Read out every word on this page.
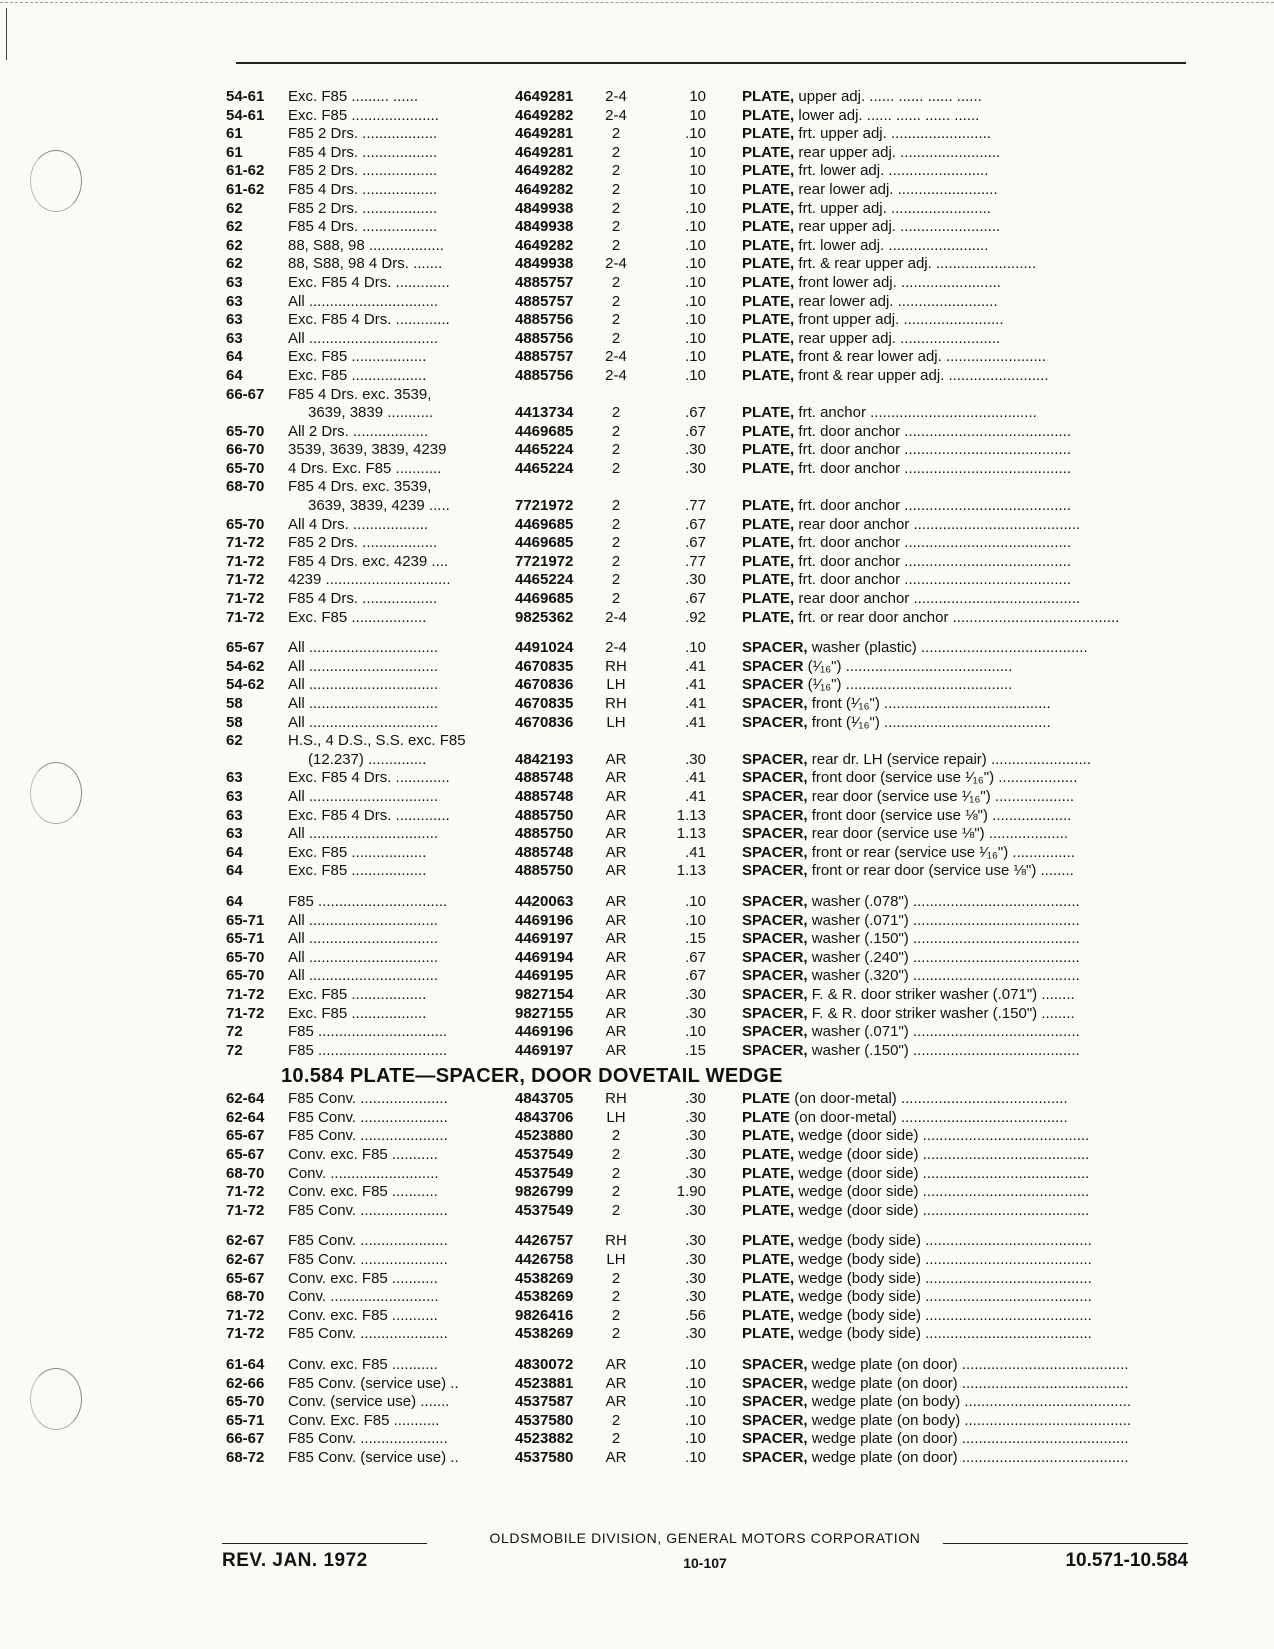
54-61	Exc. F85 ......... ......	4649281	2-4	10 PLATE, upper adj. ...... ...... ...... ......
54-61	Exc. F85 .....................	4649282	2-4	10 PLATE, lower adj. ...... ...... ...... ......
61	F85 2 Drs. ..................	4649281	2	.10 PLATE, frt. upper adj. ........................
61	F85 4 Drs. ..................	4649281	2	10 PLATE, rear upper adj. ........................
61-62	F85 2 Drs. ..................	4649282	2	10 PLATE, frt. lower adj. ........................
61-62	F85 4 Drs. ..................	4649282	2	10 PLATE, rear lower adj. ........................
62	F85 2 Drs. ..................	4849938	2	.10 PLATE, frt. upper adj. ........................
62	F85 4 Drs. ..................	4849938	2	.10 PLATE, rear upper adj. ........................
62	88, S88, 98 ..................	4649282	2	.10 PLATE, frt. lower adj. ........................
62	88, S88, 98 4 Drs. .......	4849938	2-4	.10 PLATE, frt. & rear upper adj. ........................
63	Exc. F85 4 Drs. .............	4885757	2	.10 PLATE, front lower adj. ........................
63	All ...............................	4885757	2	.10 PLATE, rear lower adj. ........................
63	Exc. F85 4 Drs. .............	4885756	2	.10 PLATE, front upper adj. ........................
63	All ...............................	4885756	2	.10 PLATE, rear upper adj. ........................
64	Exc. F85 ..................	4885757	2-4	.10 PLATE, front & rear lower adj. ........................
64	Exc. F85 ..................	4885756	2-4	.10 PLATE, front & rear upper adj. ........................
66-67	F85 4 Drs. exc. 3539,
3639, 3839 ...........	4413734	2	.67 PLATE, frt. anchor ........................................
65-70	All 2 Drs. ..................	4469685	2	.67 PLATE, frt. door anchor ........................................
66-70	3539, 3639, 3839, 4239	4465224	2	.30 PLATE, frt. door anchor ........................................
65-70	4 Drs. Exc. F85 ...........	4465224	2	.30 PLATE, frt. door anchor ........................................
68-70	F85 4 Drs. exc. 3539,
3639, 3839, 4239 .....	7721972	2	.77 PLATE, frt. door anchor ........................................
65-70	All 4 Drs. ..................	4469685	2	.67 PLATE, rear door anchor ........................................
71-72	F85 2 Drs. ..................	4469685	2	.67 PLATE, frt. door anchor ........................................
71-72	F85 4 Drs. exc. 4239 ....	7721972	2	.77 PLATE, frt. door anchor ........................................
71-72	4239 ..............................	4465224	2	.30 PLATE, frt. door anchor ........................................
71-72	F85 4 Drs. ..................	4469685	2	.67 PLATE, rear door anchor ........................................
71-72	Exc. F85 ..................	9825362	2-4	.92 PLATE, frt. or rear door anchor ........................................
65-67	All ...............................	4491024	2-4	.10 SPACER, washer (plastic) ........................................
54-62	All ...............................	4670835	RH	.41 SPACER (¹⁄₁₆") ........................................
54-62	All ...............................	4670836	LH	.41 SPACER (¹⁄₁₆") ........................................
58	All ...............................	4670835	RH	.41 SPACER, front (¹⁄₁₆") ........................................
58	All ...............................	4670836	LH	.41 SPACER, front (¹⁄₁₆") ........................................
62	H.S., 4 D.S., S.S. exc. F85
(12.237) ..............	4842193	AR	.30 SPACER, rear dr. LH (service repair) ........................
63	Exc. F85 4 Drs. .............	4885748	AR	.41 SPACER, front door (service use ¹⁄₁₆") ...................
63	All ...............................	4885748	AR	.41 SPACER, rear door (service use ¹⁄₁₆") ...................
63	Exc. F85 4 Drs. .............	4885750	AR	1.13 SPACER, front door (service use ⅛") ...................
63	All ...............................	4885750	AR	1.13 SPACER, rear door (service use ⅛") ...................
64	Exc. F85 ..................	4885748	AR	.41 SPACER, front or rear (service use ¹⁄₁₆") ...............
64	Exc. F85 ..................	4885750	AR	1.13 SPACER, front or rear door (service use ⅛") ........
64	F85 ...............................	4420063	AR	.10 SPACER, washer (.078") ........................................
65-71	All ...............................	4469196	AR	.10 SPACER, washer (.071") ........................................
65-71	All ...............................	4469197	AR	.15 SPACER, washer (.150") ........................................
65-70	All ...............................	4469194	AR	.67 SPACER, washer (.240") ........................................
65-70	All ...............................	4469195	AR	.67 SPACER, washer (.320") ........................................
71-72	Exc. F85 ..................	9827154	AR	.30 SPACER, F. & R. door striker washer (.071") ........
71-72	Exc. F85 ..................	9827155	AR	.30 SPACER, F. & R. door striker washer (.150") ........
72	F85 ...............................	4469196	AR	.10 SPACER, washer (.071") ........................................
72	F85 ...............................	4469197	AR	.15 SPACER, washer (.150") ........................................
10.584 PLATE—SPACER, DOOR DOVETAIL WEDGE
62-64	F85 Conv. .....................	4843705	RH	.30 PLATE (on door-metal) ........................................
62-64	F85 Conv. .....................	4843706	LH	.30 PLATE (on door-metal) ........................................
65-67	F85 Conv. .....................	4523880	2	.30 PLATE, wedge (door side) ........................................
65-67	Conv. exc. F85 ...........	4537549	2	.30 PLATE, wedge (door side) ........................................
68-70	Conv. ..........................	4537549	2	.30 PLATE, wedge (door side) ........................................
71-72	Conv. exc. F85 ...........	9826799	2	1.90 PLATE, wedge (door side) ........................................
71-72	F85 Conv. .....................	4537549	2	.30 PLATE, wedge (door side) ........................................
62-67	F85 Conv. .....................	4426757	RH	.30 PLATE, wedge (body side) ........................................
62-67	F85 Conv. .....................	4426758	LH	.30 PLATE, wedge (body side) ........................................
65-67	Conv. exc. F85 ...........	4538269	2	.30 PLATE, wedge (body side) ........................................
68-70	Conv. ..........................	4538269	2	.30 PLATE, wedge (body side) ........................................
71-72	Conv. exc. F85 ...........	9826416	2	.56 PLATE, wedge (body side) ........................................
71-72	F85 Conv. .....................	4538269	2	.30 PLATE, wedge (body side) ........................................
61-64	Conv. exc. F85 ...........	4830072	AR	.10 SPACER, wedge plate (on door) ........................................
62-66	F85 Conv. (service use) ..	4523881	AR	.10 SPACER, wedge plate (on door) ........................................
65-70	Conv. (service use) .......	4537587	AR	.10 SPACER, wedge plate (on body) ........................................
65-71	Conv. Exc. F85 ...........	4537580	2	.10 SPACER, wedge plate (on body) ........................................
66-67	F85 Conv. .....................	4523882	2	.10 SPACER, wedge plate (on door) ........................................
68-72	F85 Conv. (service use) ..	4537580	AR	.10 SPACER, wedge plate (on door) ........................................
OLDSMOBILE DIVISION, GENERAL MOTORS CORPORATION
REV. JAN. 1972	10-107	10.571-10.584
